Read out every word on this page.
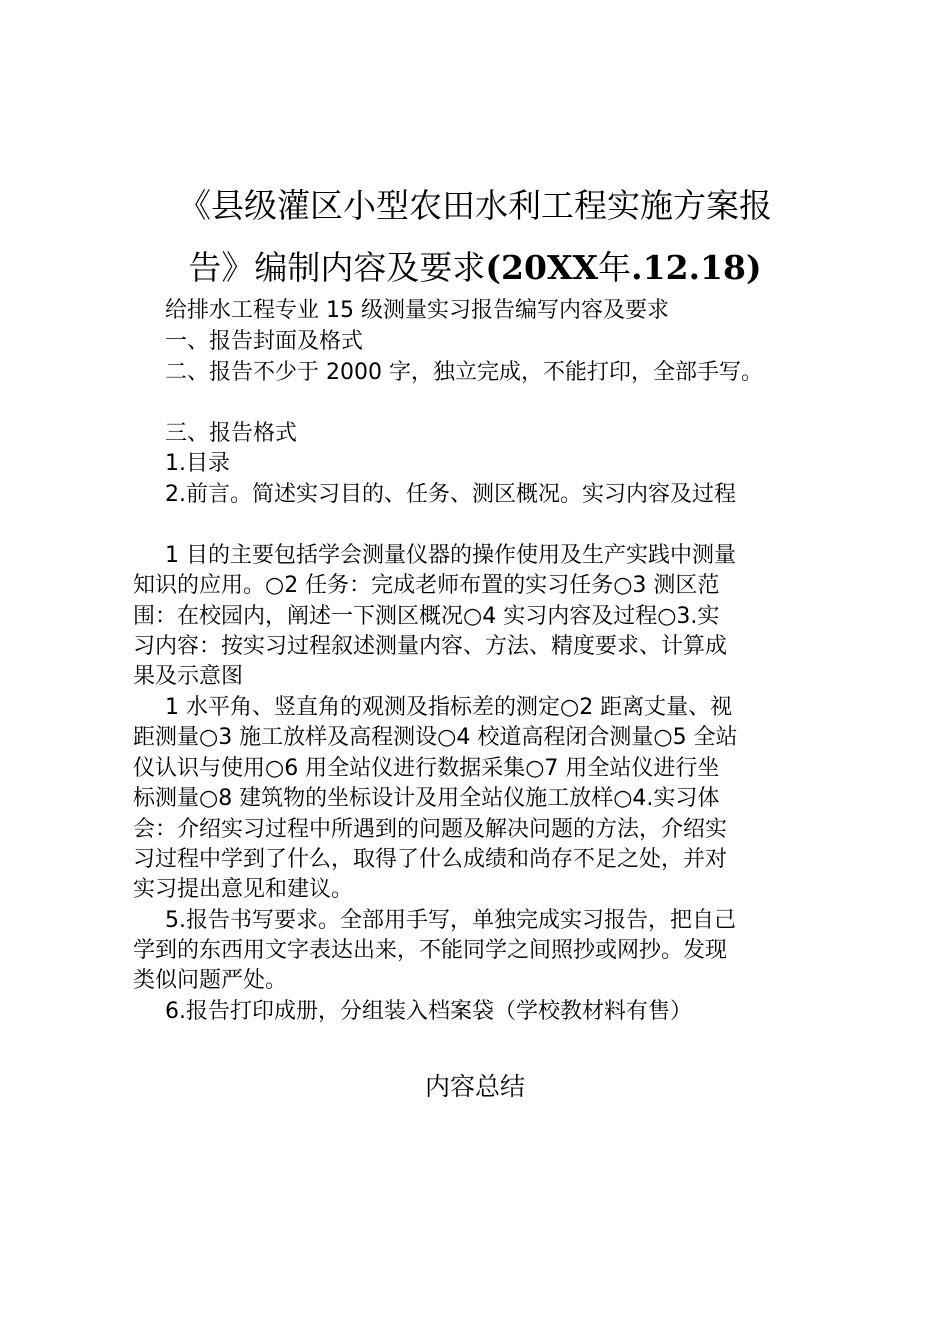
《县级灌区小型农田水利工程实施方案报
告》编制内容及要求(20XX年.12.18)
给排水工程专业 15 级测量实习报告编写内容及要求
一、报告封面及格式
二、报告不少于 2000 字，独立完成，不能打印，全部手写。
三、报告格式
1.目录
2.前言。简述实习目的、任务、测区概况。实习内容及过程
1 目的主要包括学会测量仪器的操作使用及生产实践中测量
知识的应用。○2 任务：完成老师布置的实习任务○3 测区范
围：在校园内，阐述一下测区概况○4 实习内容及过程○3.实
习内容：按实习过程叙述测量内容、方法、精度要求、计算成
果及示意图
1 水平角、竖直角的观测及指标差的测定○2 距离丈量、视
距测量○3 施工放样及高程测设○4 校道高程闭合测量○5 全站
仪认识与使用○6 用全站仪进行数据采集○7 用全站仪进行坐
标测量○8 建筑物的坐标设计及用全站仪施工放样○4.实习体
会：介绍实习过程中所遇到的问题及解决问题的方法，介绍实
习过程中学到了什么，取得了什么成绩和尚存不足之处，并对
实习提出意见和建议。
5.报告书写要求。全部用手写，单独完成实习报告，把自己
学到的东西用文字表达出来，不能同学之间照抄或网抄。发现
类似问题严处。
6.报告打印成册，分组装入档案袋（学校教材料有售）
内容总结
